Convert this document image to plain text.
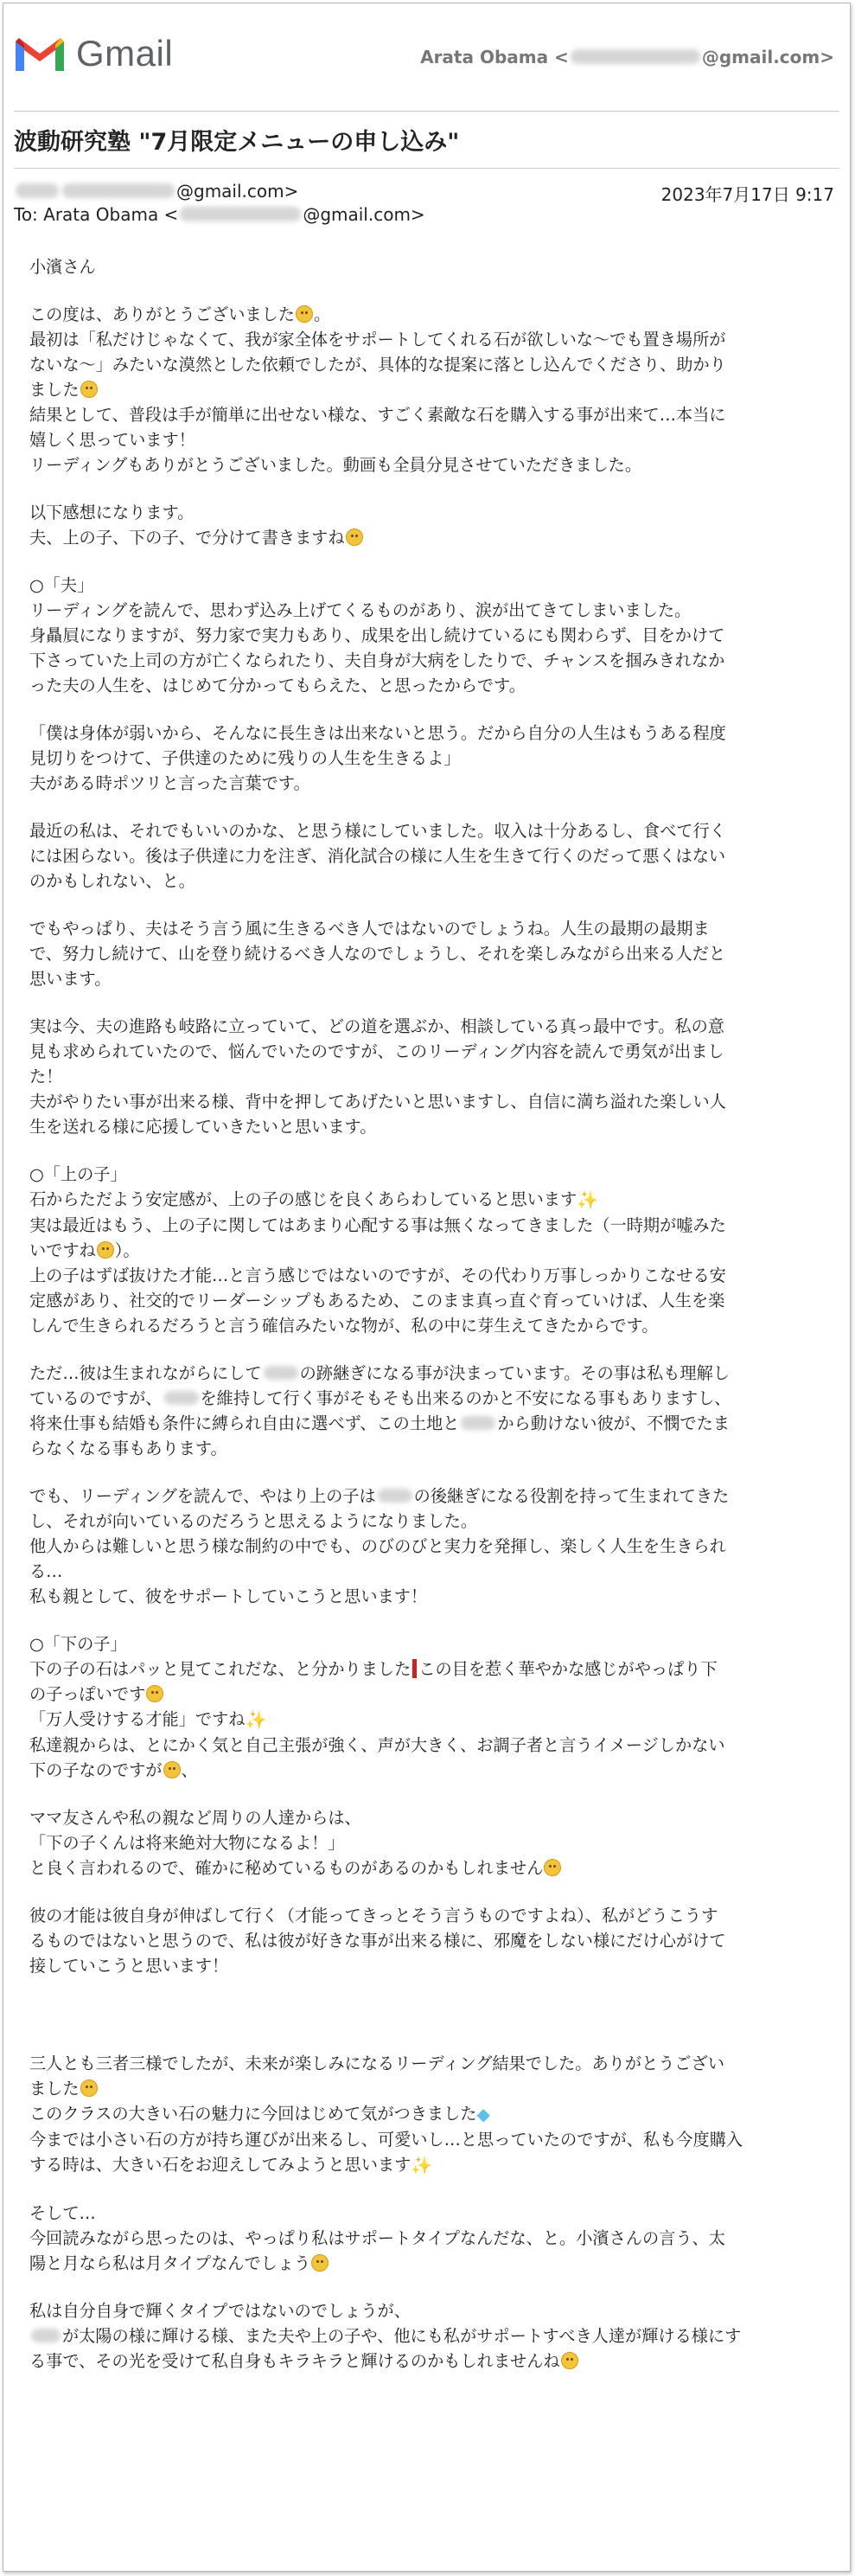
Gmail	Arata Obama <	@gmail.com>
波動研究塾 "7月限定メニューの申し込み"
@gmail.com>	2023年7月17日 9:17
To: Arata Obama <	@gmail.com>

小濱さん

この度は、ありがとうございました 。
最初は「私だけじゃなくて、我が家全体をサポートしてくれる石が欲しいな〜でも置き場所が
ないな〜」みたいな漠然とした依頼でしたが、具体的な提案に落とし込んでくださり、助かり
ました
結果として、普段は手が簡単に出せない様な、すごく素敵な石を購入する事が出来て…本当に
嬉しく思っています！
リーディングもありがとうございました。動画も全員分見させていただきました。

以下感想になります。
夫、上の子、下の子、で分けて書きますね

○「夫」
リーディングを読んで、思わず込み上げてくるものがあり、涙が出てきてしまいました。
身贔屓になりますが、努力家で実力もあり、成果を出し続けているにも関わらず、目をかけて
下さっていた上司の方が亡くなられたり、夫自身が大病をしたりで、チャンスを掴みきれなか
った夫の人生を、はじめて分かってもらえた、と思ったからです。

「僕は身体が弱いから、そんなに長生きは出来ないと思う。だから自分の人生はもうある程度
見切りをつけて、子供達のために残りの人生を生きるよ」
夫がある時ポツリと言った言葉です。

最近の私は、それでもいいのかな、と思う様にしていました。収入は十分あるし、食べて行く
には困らない。後は子供達に力を注ぎ、消化試合の様に人生を生きて行くのだって悪くはない
のかもしれない、と。

でもやっぱり、夫はそう言う風に生きるべき人ではないのでしょうね。人生の最期の最期ま
で、努力し続けて、山を登り続けるべき人なのでしょうし、それを楽しみながら出来る人だと
思います。

実は今、夫の進路も岐路に立っていて、どの道を選ぶか、相談している真っ最中です。私の意
見も求められていたので、悩んでいたのですが、このリーディング内容を読んで勇気が出まし
た！
夫がやりたい事が出来る様、背中を押してあげたいと思いますし、自信に満ち溢れた楽しい人
生を送れる様に応援していきたいと思います。

○「上の子」
石からただよう安定感が、上の子の感じを良くあらわしていると思います✨
実は最近はもう、上の子に関してはあまり心配する事は無くなってきました（一時期が嘘みた
いですね ）。
上の子はずば抜けた才能…と言う感じではないのですが、その代わり万事しっかりこなせる安
定感があり、社交的でリーダーシップもあるため、このまま真っ直ぐ育っていけば、人生を楽
しんで生きられるだろうと言う確信みたいな物が、私の中に芽生えてきたからです。

ただ…彼は生まれながらにして の跡継ぎになる事が決まっています。その事は私も理解し
ているのですが、 を維持して行く事がそもそも出来るのかと不安になる事もありますし、
将来仕事も結婚も条件に縛られ自由に選べず、この土地と から動けない彼が、不憫でたま
らなくなる事もあります。

でも、リーディングを読んで、やはり上の子は の後継ぎになる役割を持って生まれてきた
し、それが向いているのだろうと思えるようになりました。
他人からは難しいと思う様な制約の中でも、のびのびと実力を発揮し、楽しく人生を生きられ
る…
私も親として、彼をサポートしていこうと思います！

○「下の子」
下の子の石はパッと見てこれだな、と分かりました この目を惹く華やかな感じがやっぱり下
の子っぽいです
「万人受けする才能」ですね✨
私達親からは、とにかく気と自己主張が強く、声が大きく、お調子者と言うイメージしかない
下の子なのですが 、

ママ友さんや私の親など周りの人達からは、
「下の子くんは将来絶対大物になるよ！」
と良く言われるので、確かに秘めているものがあるのかもしれません

彼の才能は彼自身が伸ばして行く（才能ってきっとそう言うものですよね）、私がどうこうす
るものではないと思うので、私は彼が好きな事が出来る様に、邪魔をしない様にだけ心がけて
接していこうと思います！

三人とも三者三様でしたが、未来が楽しみになるリーディング結果でした。ありがとうござい
ました
このクラスの大きい石の魅力に今回はじめて気がつきました◆
今までは小さい石の方が持ち運びが出来るし、可愛いし…と思っていたのですが、私も今度購入
する時は、大きい石をお迎えしてみようと思います✨

そして…
今回読みながら思ったのは、やっぱり私はサポートタイプなんだな、と。小濱さんの言う、太
陽と月なら私は月タイプなんでしょう

私は自分自身で輝くタイプではないのでしょうが、
が太陽の様に輝ける様、また夫や上の子や、他にも私がサポートすべき人達が輝ける様にす
る事で、その光を受けて私自身もキラキラと輝けるのかもしれませんね
